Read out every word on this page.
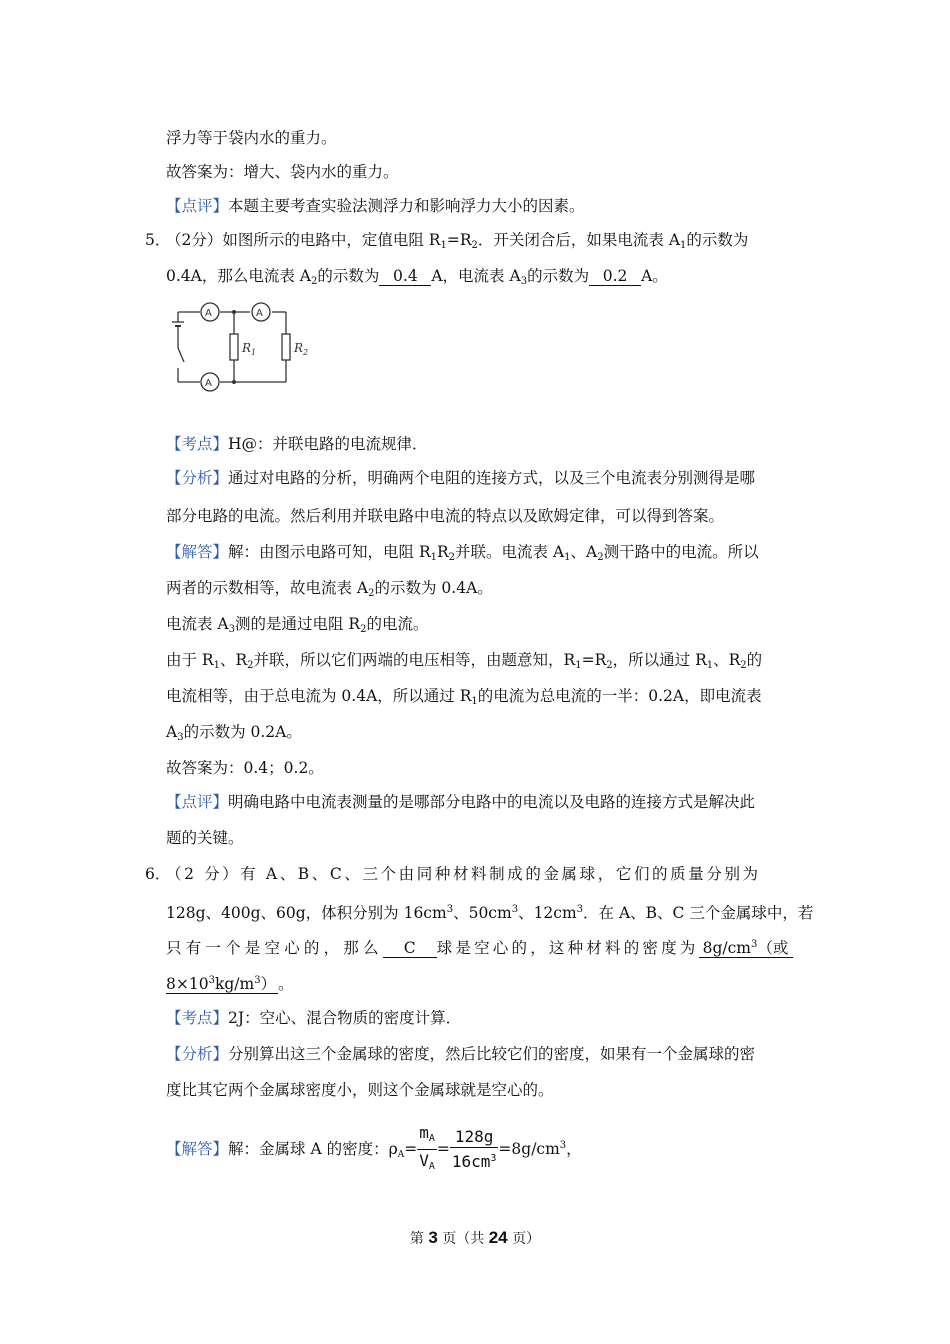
浮力等于袋内水的重力。
故答案为：增大、袋内水的重力。
【点评】本题主要考查实验法测浮力和影响浮力大小的因素。
5．
（2分）如图所示的电路中，定值电阻 $R_1=R_2$．开关闭合后，如果电流表 $A_1$的示数为
0.4A，那么电流表 $A_2$的示数为 0.4 A，电流表 $A_3$的示数为 0.2 A。
A	A
A
$R_1$	$R_2$
【考点】H@：并联电路的电流规律．
【分析】通过对电路的分析，明确两个电阻的连接方式，以及三个电流表分别测得是哪
部分电路的电流。然后利用并联电路中电流的特点以及欧姆定律，可以得到答案。
【解答】解：由图示电路可知，电阻 $R_1R_2$并联。电流表 $A_1$、$A_2$测干路中的电流。所以
两者的示数相等，故电流表 $A_2$的示数为 0.4A。
电流表 $A_3$测的是通过电阻 $R_2$的电流。
由于 $R_1$、$R_2$并联，所以它们两端的电压相等，由题意知，$R_1=R_2$，所以通过 $R_1$、$R_2$的
电流相等，由于总电流为 0.4A，所以通过 $R_1$的电流为总电流的一半：0.2A，即电流表
$A_3$的示数为 0.2A。
故答案为：0.4；0.2。
【点评】明确电路中电流表测量的是哪部分电路中的电流以及电路的连接方式是解决此
题的关键。
6．
（2 分）有 A、B、C、三个由同种材料制成的金属球，它们的质量分别为
128g、400g、60g，体积分别为 $16cm^3$、$50cm^3$、$12cm^3$．在 A、B、C 三个金属球中，若
只有一个是空心的，那么 C 球是空心的，这种材料的密度为 $8g/cm^3$（或
$8\times 10^3kg/m^3$） 。
【考点】2J：空心、混合物质的密度计算．
【分析】分别算出这三个金属球的密度，然后比较它们的密度，如果有一个金属球的密
度比其它两个金属球密度小，则这个金属球就是空心的。
【解答】解：金属球 A 的密度：$\rho_A= \frac{m_A}{V_A} = \frac{128g}{16cm^3} =8g/cm^3$，
第 3 页（共 24 页）
